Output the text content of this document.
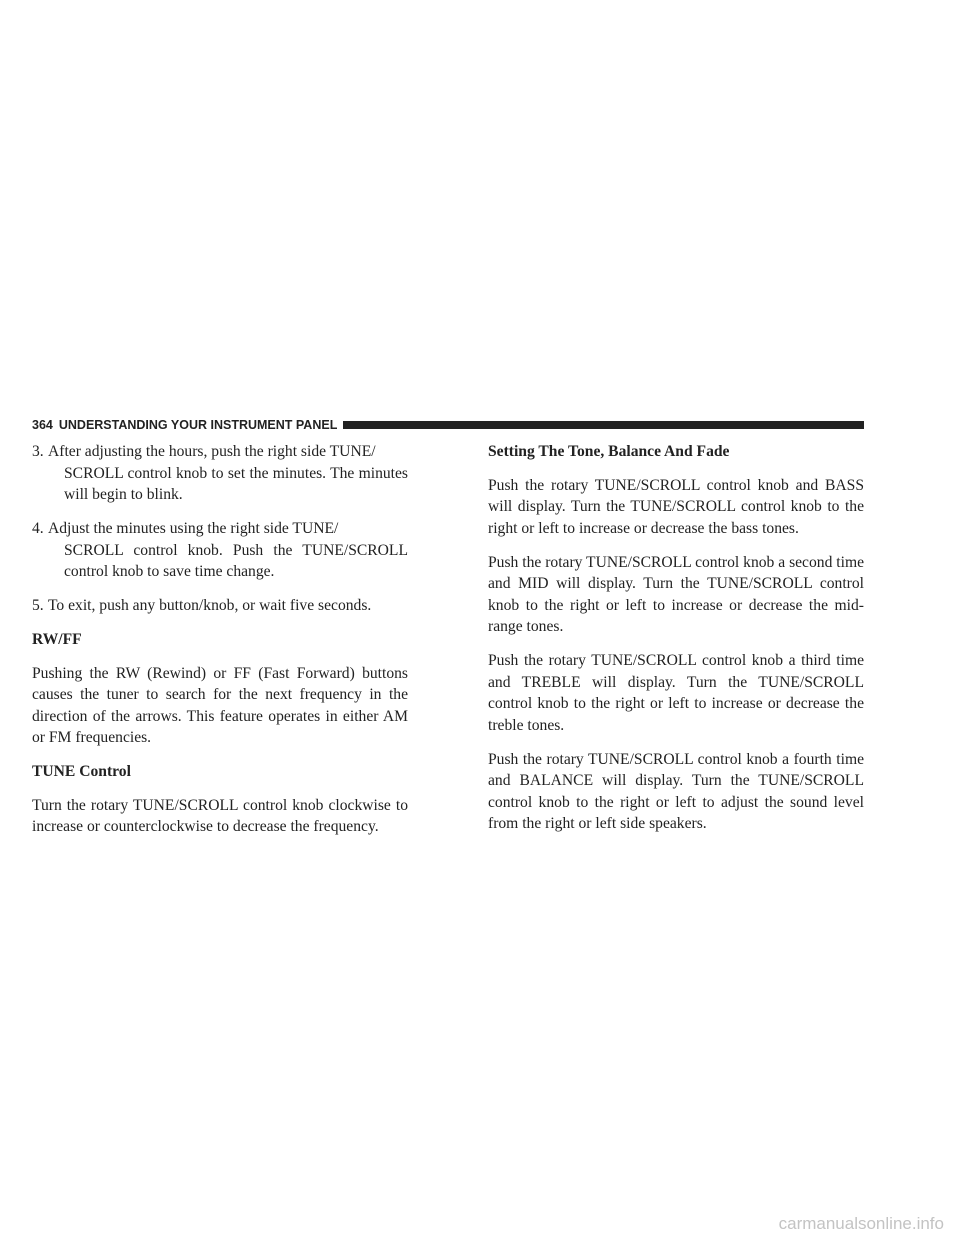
364 UNDERSTANDING YOUR INSTRUMENT PANEL
3. After adjusting the hours, push the right side TUNE/
SCROLL control knob to set the minutes. The minutes will begin to blink.
4. Adjust the minutes using the right side TUNE/
SCROLL control knob. Push the TUNE/SCROLL control knob to save time change.
5. To exit, push any button/knob, or wait five seconds.
RW/FF

Pushing the RW (Rewind) or FF (Fast Forward) buttons causes the tuner to search for the next frequency in the direction of the arrows. This feature operates in either AM or FM frequencies.

TUNE Control

Turn the rotary TUNE/SCROLL control knob clockwise to increase or counterclockwise to decrease the frequency.

Setting The Tone, Balance And Fade

Push the rotary TUNE/SCROLL control knob and BASS will display. Turn the TUNE/SCROLL control knob to the right or left to increase or decrease the bass tones.

Push the rotary TUNE/SCROLL control knob a second time and MID will display. Turn the TUNE/SCROLL control knob to the right or left to increase or decrease the mid-range tones.

Push the rotary TUNE/SCROLL control knob a third time and TREBLE will display. Turn the TUNE/SCROLL control knob to the right or left to increase or decrease the treble tones.

Push the rotary TUNE/SCROLL control knob a fourth time and BALANCE will display. Turn the TUNE/SCROLL control knob to the right or left to adjust the sound level from the right or left side speakers.

carmanualsonline.info
